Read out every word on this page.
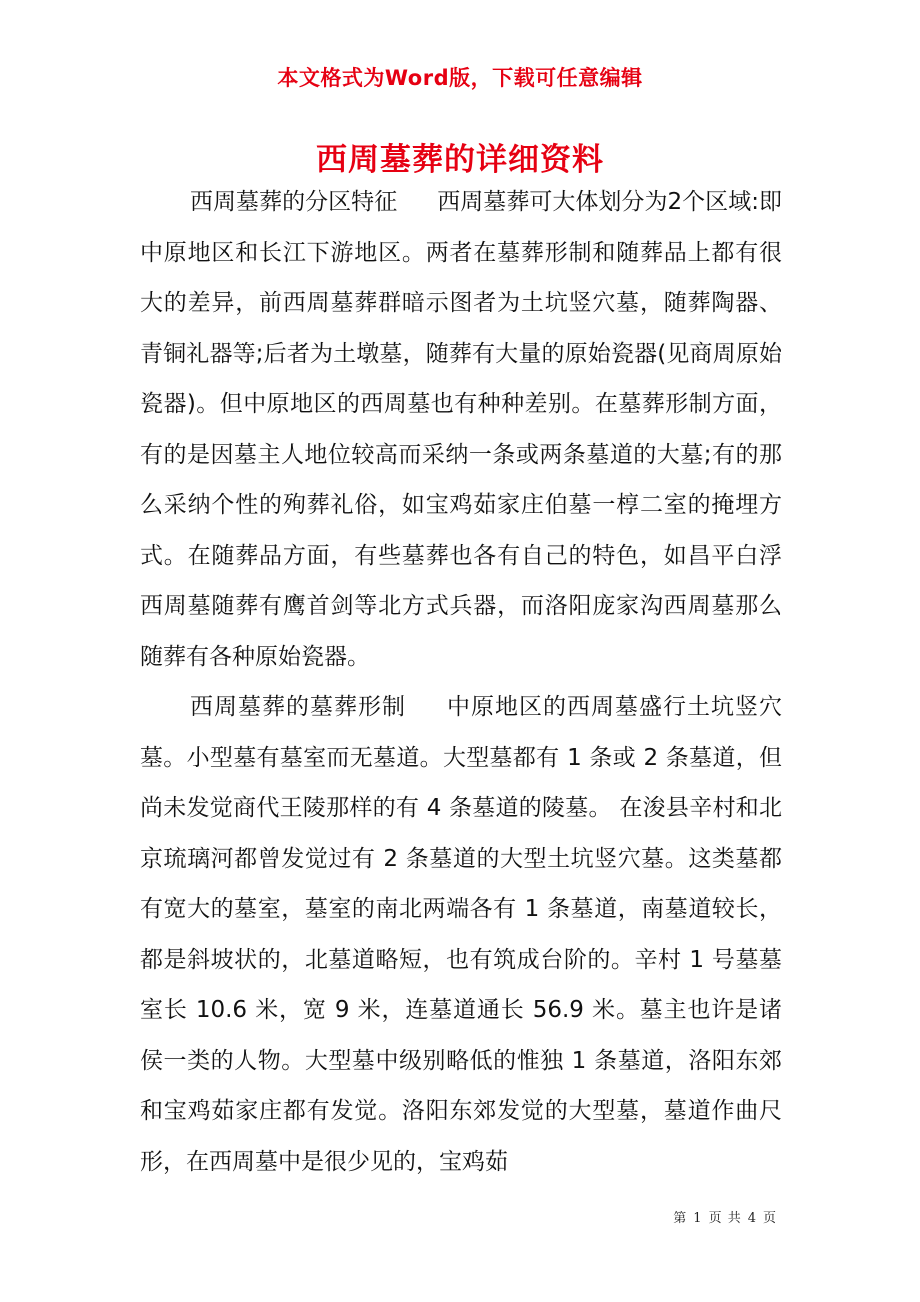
本文格式为Word版，下载可任意编辑
西周墓葬的详细资料

西周墓葬的分区特征 西周墓葬可大体划分为2个区域:即中原地区和长江下游地区。两者在墓葬形制和随葬品上都有很大的差异，前西周墓葬群暗示图者为土坑竖穴墓，随葬陶器、青铜礼器等;后者为土墩墓，随葬有大量的原始瓷器(见商周原始瓷器)。但中原地区的西周墓也有种种差别。在墓葬形制方面，有的是因墓主人地位较高而采纳一条或两条墓道的大墓;有的那么采纳个性的殉葬礼俗，如宝鸡茹家庄伯墓一椁二室的掩埋方式。在随葬品方面，有些墓葬也各有自己的特色，如昌平白浮西周墓随葬有鹰首剑等北方式兵器，而洛阳庞家沟西周墓那么随葬有各种原始瓷器。

西周墓葬的墓葬形制 中原地区的西周墓盛行土坑竖穴墓。小型墓有墓室而无墓道。大型墓都有 1 条或 2 条墓道，但尚未发觉商代王陵那样的有 4 条墓道的陵墓。 在浚县辛村和北京琉璃河都曾发觉过有 2 条墓道的大型土坑竖穴墓。这类墓都有宽大的墓室，墓室的南北两端各有 1 条墓道，南墓道较长，都是斜坡状的，北墓道略短，也有筑成台阶的。辛村 1 号墓墓室长 10.6 米，宽 9 米，连墓道通长 56.9 米。墓主也许是诸侯一类的人物。大型墓中级别略低的惟独 1 条墓道，洛阳东郊和宝鸡茹家庄都有发觉。洛阳东郊发觉的大型墓，墓道作曲尺形，在西周墓中是很少见的，宝鸡茹

第 1 页 共 4 页
